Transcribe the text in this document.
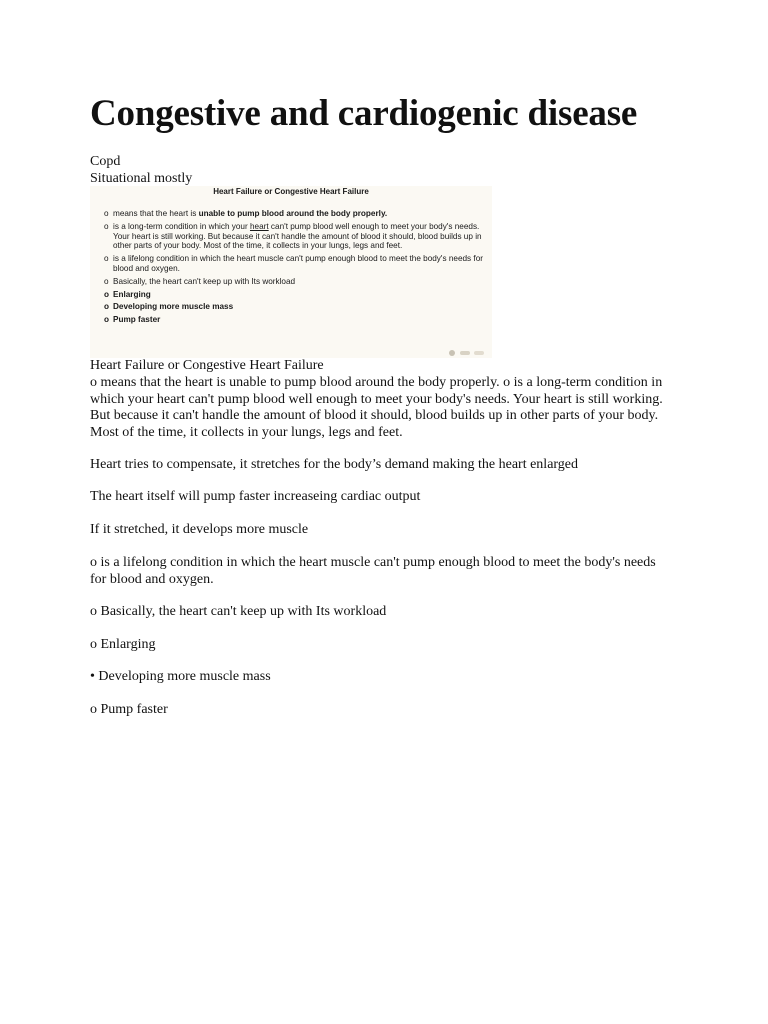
Congestive and cardiogenic disease
Copd
Situational mostly
Heart Failure or Congestive Heart Failure
o means that the heart is unable to pump blood around the body properly.
o is a long-term condition in which your heart can't pump blood well enough to meet your body's needs. Your heart is still working. But because it can't handle the amount of blood it should, blood builds up in other parts of your body. Most of the time, it collects in your lungs, legs and feet.
o is a lifelong condition in which the heart muscle can't pump enough blood to meet the body's needs for blood and oxygen.
o Basically, the heart can't keep up with Its workload
o Enlarging
o Developing more muscle mass
o Pump faster
Heart Failure or Congestive Heart Failure

o means that the heart is unable to pump blood around the body properly. o is a long-term condition in which your heart can't pump blood well enough to meet your body's needs. Your heart is still working. But because it can't handle the amount of blood it should, blood builds up in other parts of your body. Most of the time, it collects in your lungs, legs and feet.

Heart tries to compensate, it stretches for the body’s demand making the heart enlarged

The heart itself will pump faster increaseing cardiac output

If it stretched, it develops more muscle

o is a lifelong condition in which the heart muscle can't pump enough blood to meet the body's needs for blood and oxygen.

o Basically, the heart can't keep up with Its workload

o Enlarging

• Developing more muscle mass

o Pump faster
